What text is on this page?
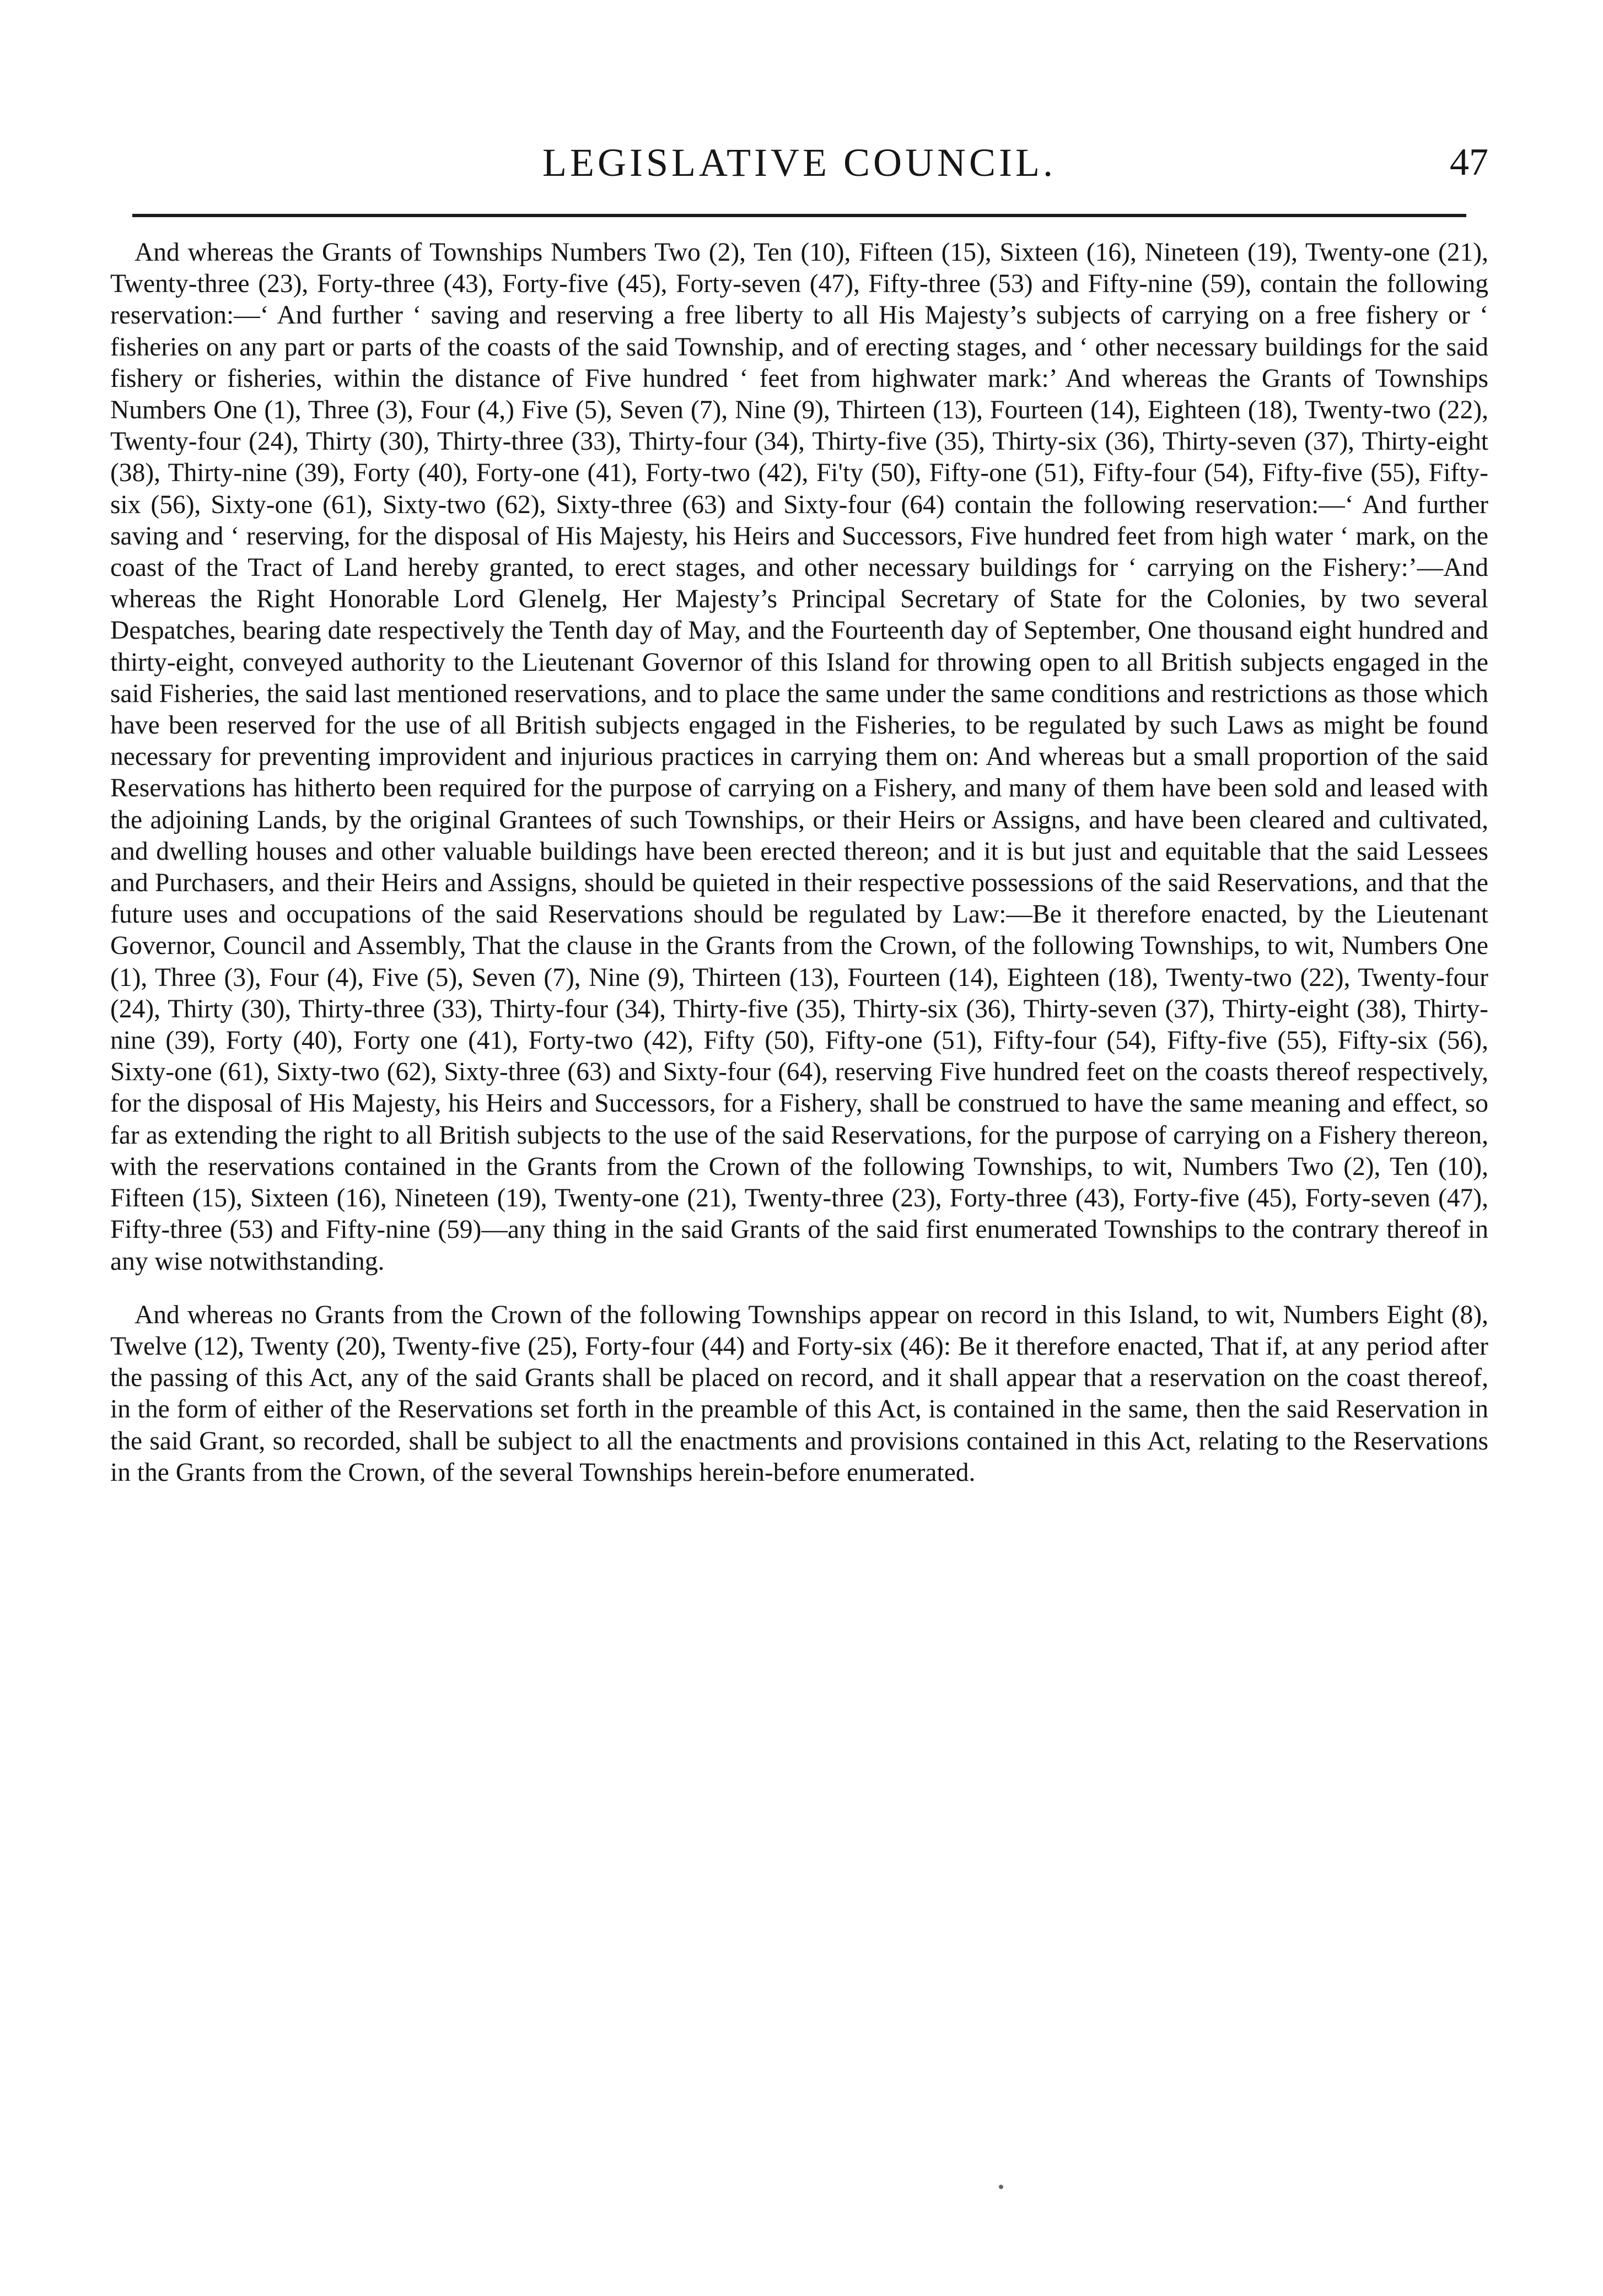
LEGISLATIVE COUNCIL.	47

And whereas the Grants of Townships Numbers Two (2), Ten (10), Fifteen (15), Sixteen (16), Nineteen (19), Twenty-one (21), Twenty-three (23), Forty-three (43), Forty-five (45), Forty-seven (47), Fifty-three (53) and Fifty-nine (59), contain the following reservation:—‘ And further ‘ saving and reserving a free liberty to all His Majesty’s subjects of carrying on a free fishery or ‘ fisheries on any part or parts of the coasts of the said Township, and of erecting stages, and ‘ other necessary buildings for the said fishery or fisheries, within the distance of Five hundred ‘ feet from highwater mark:’ And whereas the Grants of Townships Numbers One (1), Three (3), Four (4,) Five (5), Seven (7), Nine (9), Thirteen (13), Fourteen (14), Eighteen (18), Twenty-two (22), Twenty-four (24), Thirty (30), Thirty-three (33), Thirty-four (34), Thirty-five (35), Thirty-six (36), Thirty-seven (37), Thirty-eight (38), Thirty-nine (39), Forty (40), Forty-one (41), Forty-two (42), Fi'ty (50), Fifty-one (51), Fifty-four (54), Fifty-five (55), Fifty-six (56), Sixty-one (61), Sixty-two (62), Sixty-three (63) and Sixty-four (64) contain the following reservation:—‘ And further saving and ‘ reserving, for the disposal of His Majesty, his Heirs and Successors, Five hundred feet from high water ‘ mark, on the coast of the Tract of Land hereby granted, to erect stages, and other necessary buildings for ‘ carrying on the Fishery:’—And whereas the Right Honorable Lord Glenelg, Her Majesty’s Principal Secretary of State for the Colonies, by two several Despatches, bearing date respectively the Tenth day of May, and the Fourteenth day of September, One thousand eight hundred and thirty-eight, conveyed authority to the Lieutenant Governor of this Island for throwing open to all British subjects engaged in the said Fisheries, the said last mentioned reservations, and to place the same under the same conditions and restrictions as those which have been reserved for the use of all British subjects engaged in the Fisheries, to be regulated by such Laws as might be found necessary for preventing improvident and injurious practices in carrying them on: And whereas but a small proportion of the said Reservations has hitherto been required for the purpose of carrying on a Fishery, and many of them have been sold and leased with the adjoining Lands, by the original Grantees of such Townships, or their Heirs or Assigns, and have been cleared and cultivated, and dwelling houses and other valuable buildings have been erected thereon; and it is but just and equitable that the said Lessees and Purchasers, and their Heirs and Assigns, should be quieted in their respective possessions of the said Reservations, and that the future uses and occupations of the said Reservations should be regulated by Law:—Be it therefore enacted, by the Lieutenant Governor, Council and Assembly, That the clause in the Grants from the Crown, of the following Townships, to wit, Numbers One (1), Three (3), Four (4), Five (5), Seven (7), Nine (9), Thirteen (13), Fourteen (14), Eighteen (18), Twenty-two (22), Twenty-four (24), Thirty (30), Thirty-three (33), Thirty-four (34), Thirty-five (35), Thirty-six (36), Thirty-seven (37), Thirty-eight (38), Thirty-nine (39), Forty (40), Forty one (41), Forty-two (42), Fifty (50), Fifty-one (51), Fifty-four (54), Fifty-five (55), Fifty-six (56), Sixty-one (61), Sixty-two (62), Sixty-three (63) and Sixty-four (64), reserving Five hundred feet on the coasts thereof respectively, for the disposal of His Majesty, his Heirs and Successors, for a Fishery, shall be construed to have the same meaning and effect, so far as extending the right to all British subjects to the use of the said Reservations, for the purpose of carrying on a Fishery thereon, with the reservations contained in the Grants from the Crown of the following Townships, to wit, Numbers Two (2), Ten (10), Fifteen (15), Sixteen (16), Nineteen (19), Twenty-one (21), Twenty-three (23), Forty-three (43), Forty-five (45), Forty-seven (47), Fifty-three (53) and Fifty-nine (59)—any thing in the said Grants of the said first enumerated Townships to the contrary thereof in any wise notwithstanding.

And whereas no Grants from the Crown of the following Townships appear on record in this Island, to wit, Numbers Eight (8), Twelve (12), Twenty (20), Twenty-five (25), Forty-four (44) and Forty-six (46): Be it therefore enacted, That if, at any period after the passing of this Act, any of the said Grants shall be placed on record, and it shall appear that a reservation on the coast thereof, in the form of either of the Reservations set forth in the preamble of this Act, is contained in the same, then the said Reservation in the said Grant, so recorded, shall be subject to all the enactments and provisions contained in this Act, relating to the Reservations in the Grants from the Crown, of the several Townships herein-before enumerated.
